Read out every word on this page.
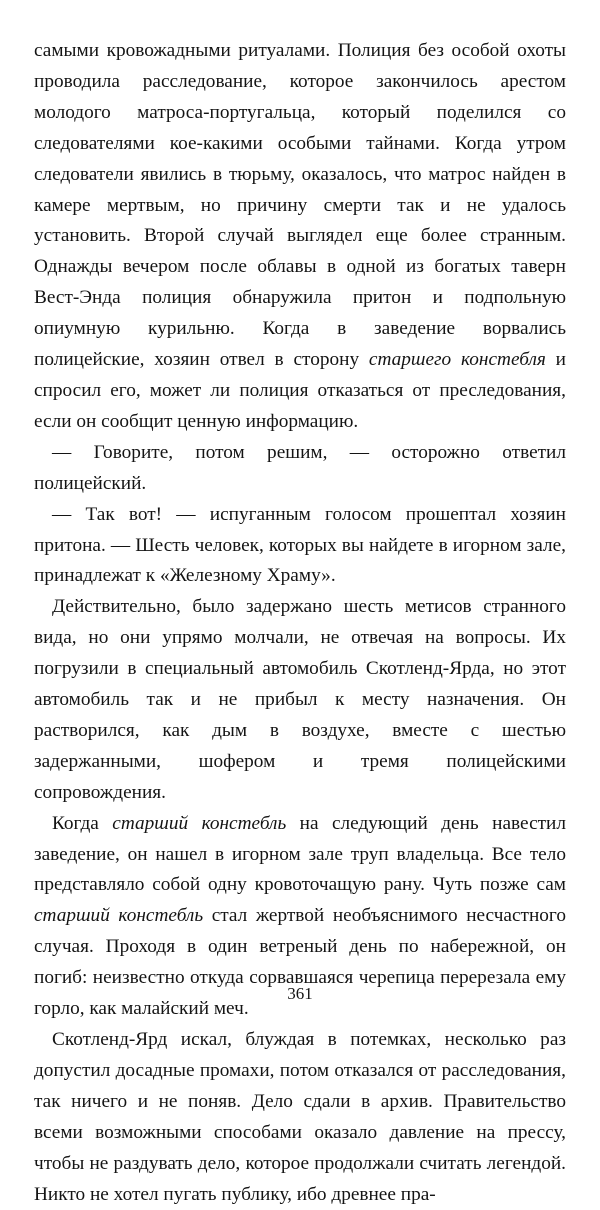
самыми кровожадными ритуалами. Полиция без особой охоты проводила расследование, которое закончилось арестом молодого матроса-португальца, который поделился со следователями кое-какими особыми тайнами. Когда утром следователи явились в тюрьму, оказалось, что матрос найден в камере мертвым, но причину смерти так и не удалось установить. Второй случай выглядел еще более странным. Однажды вечером после облавы в одной из богатых таверн Вест-Энда полиция обнаружила притон и подпольную опиумную курильню. Когда в заведение ворвались полицейские, хозяин отвел в сторону старшего констебля и спросил его, может ли полиция отказаться от преследования, если он сообщит ценную информацию.

— Говорите, потом решим, — осторожно ответил полицейский.

— Так вот! — испуганным голосом прошептал хозяин притона. — Шесть человек, которых вы найдете в игорном зале, принадлежат к «Железному Храму».

Действительно, было задержано шесть метисов странного вида, но они упрямо молчали, не отвечая на вопросы. Их погрузили в специальный автомобиль Скотленд-Ярда, но этот автомобиль так и не прибыл к месту назначения. Он растворился, как дым в воздухе, вместе с шестью задержанными, шофером и тремя полицейскими сопровождения.

Когда старший констебль на следующий день навестил заведение, он нашел в игорном зале труп владельца. Все тело представляло собой одну кровоточащую рану. Чуть позже сам старший констебль стал жертвой необъяснимого несчастного случая. Проходя в один ветреный день по набережной, он погиб: неизвестно откуда сорвавшаяся черепица перерезала ему горло, как малайский меч.

Скотленд-Ярд искал, блуждая в потемках, несколько раз допустил досадные промахи, потом отказался от расследования, так ничего и не поняв. Дело сдали в архив. Правительство всеми возможными способами оказало давление на прессу, чтобы не раздувать дело, которое продолжали считать легендой. Никто не хотел пугать публику, ибо древнее пра-

361
